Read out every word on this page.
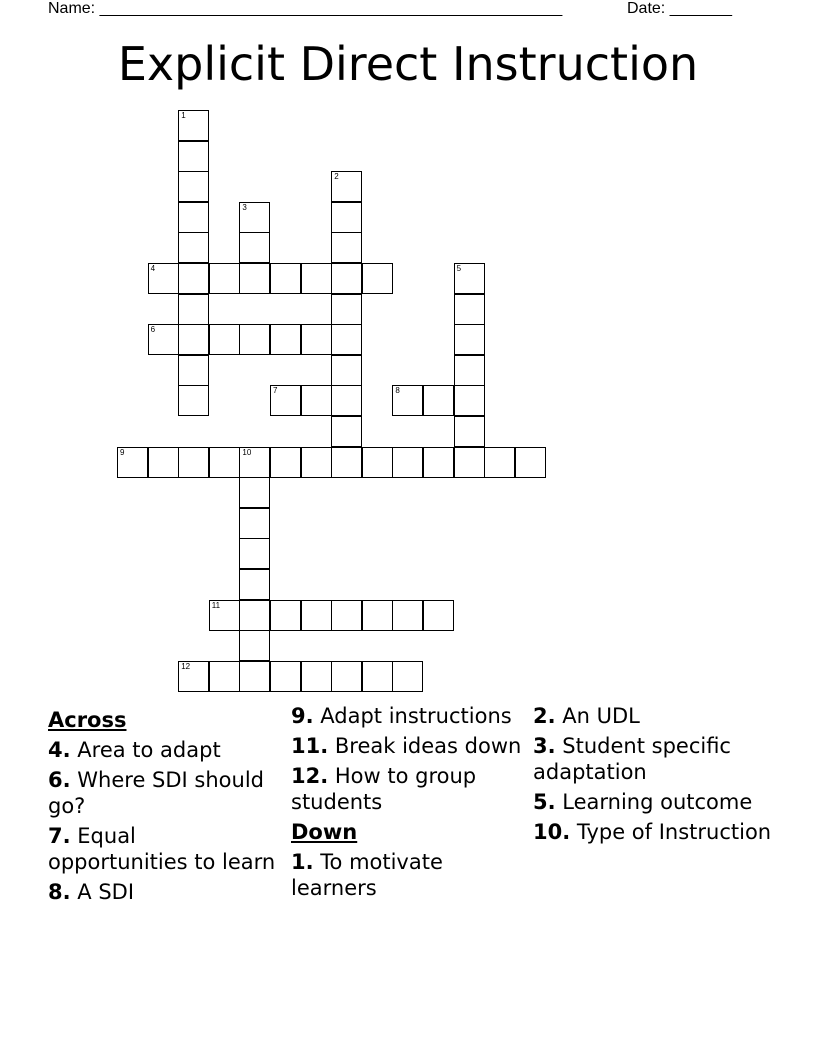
Name: ____________________________________________________	Date: _______
Explicit Direct Instruction
1
2
3
5
10
4
6
7	8
9
11
12
Across
4. Area to adapt
6. Where SDI should go?
7. Equal opportunities to learn
8. A SDI
9. Adapt instructions
11. Break ideas down
12. How to group students
Down
1. To motivate learners
2. An UDL
3. Student specific adaptation
5. Learning outcome
10. Type of Instruction
